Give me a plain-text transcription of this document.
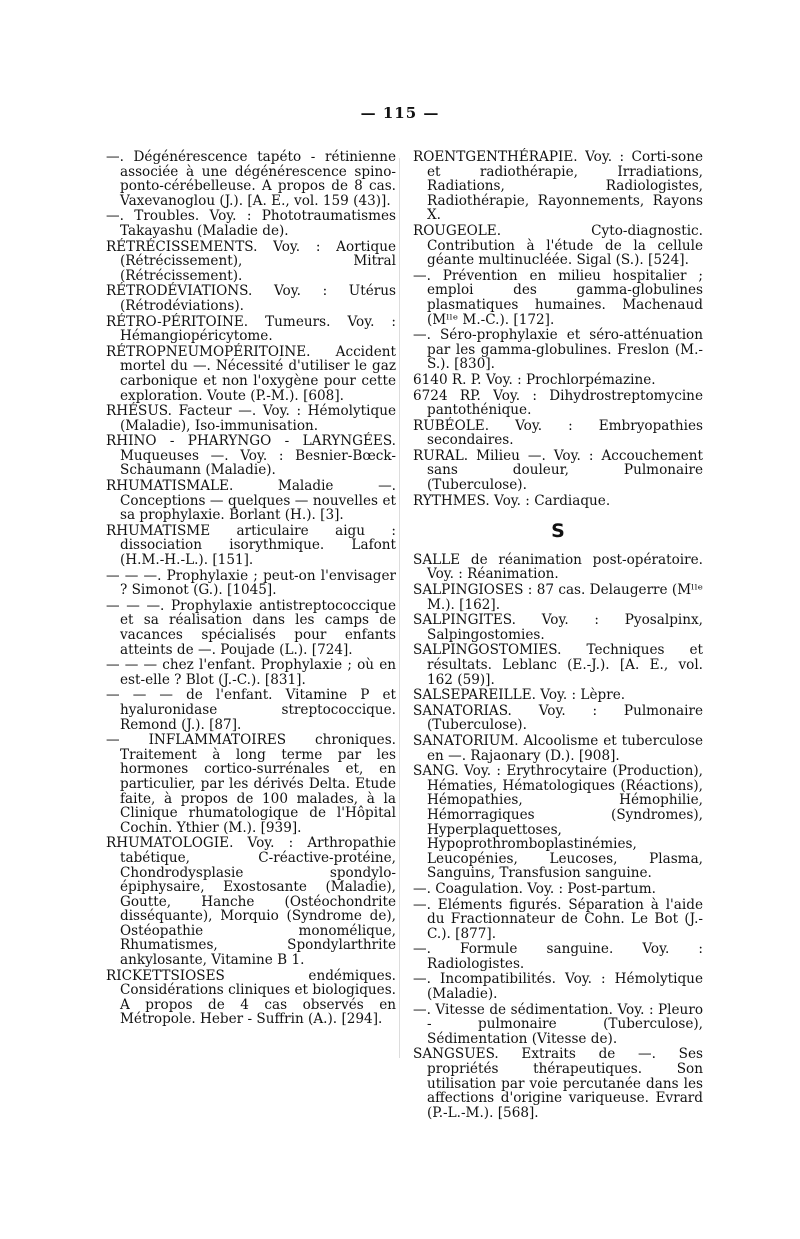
— 115 —

—. Dégénérescence tapéto - rétinienne associée à une dégénérescence spino-ponto-cérébelleuse. A propos de 8 cas. Vaxevanoglou (J.). [A. E., vol. 159 (43)].

—. Troubles. Voy. : Phototraumatismes Takayashu (Maladie de).

RÉTRÉCISSEMENTS. Voy. : Aortique (Rétrécissement), Mitral (Rétrécissement).

RÉTRODÉVIATIONS. Voy. : Utérus (Rétrodéviations).

RÉTRO-PÉRITOINE. Tumeurs. Voy. : Hémangiopéricytome.

RÉTROPNEUMOPÉRITOINE. Accident mortel du —. Nécessité d'utiliser le gaz carbonique et non l'oxygène pour cette exploration. Voute (P.-M.). [608].

RHÉSUS. Facteur —. Voy. : Hémolytique (Maladie), Iso-immunisation.

RHINO - PHARYNGO - LARYNGÉES. Muqueuses —. Voy. : Besnier-Bœck-Schaumann (Maladie).

RHUMATISMALE. Maladie —. Conceptions — quelques — nouvelles et sa prophylaxie. Borlant (H.). [3].

RHUMATISME articulaire aigu : dissociation isorythmique. Lafont (H.M.-H.-L.). [151].

— — —. Prophylaxie ; peut-on l'envisager ? Simonot (G.). [1045].

— — —. Prophylaxie antistreptococcique et sa réalisation dans les camps de vacances spécialisés pour enfants atteints de —. Poujade (L.). [724].

— — — chez l'enfant. Prophylaxie ; où en est-elle ? Blot (J.-C.). [831].

— — — de l'enfant. Vitamine P et hyaluronidase streptococcique. Remond (J.). [87].

— INFLAMMATOIRES chroniques. Traitement à long terme par les hormones cortico-surrénales et, en particulier, par les dérivés Delta. Etude faite, à propos de 100 malades, à la Clinique rhumatologique de l'Hôpital Cochin. Ythier (M.). [939].

RHUMATOLOGIE. Voy. : Arthropathie tabétique, C-réactive-protéine, Chondrodysplasie spondylo-épiphysaire, Exostosante (Maladie), Goutte, Hanche (Ostéochondrite disséquante), Morquio (Syndrome de), Ostéopathie monomélique, Rhumatismes, Spondylarthrite ankylosante, Vitamine B 1.

RICKETTSIOSES endémiques. Considérations cliniques et biologiques. A propos de 4 cas observés en Métropole. Heber - Suffrin (A.). [294].

ROENTGENTHÉRAPIE. Voy. : Corti-sone et radiothérapie, Irradiations, Radiations, Radiologistes, Radiothérapie, Rayonnements, Rayons X.

ROUGEOLE. Cyto-diagnostic. Contribution à l'étude de la cellule géante multinucléée. Sigal (S.). [524].

—. Prévention en milieu hospitalier ; emploi des gamma-globulines plasmatiques humaines. Machenaud (Mˡˡᵉ M.-C.). [172].

—. Séro-prophylaxie et séro-atténuation par les gamma-globulines. Freslon (M.-S.). [830].

6140 R. P. Voy. : Prochlorpémazine.

6724 RP. Voy. : Dihydrostreptomycine pantothénique.

RUBÉOLE. Voy. : Embryopathies secondaires.

RURAL. Milieu —. Voy. : Accouchement sans douleur, Pulmonaire (Tuberculose).

RYTHMES. Voy. : Cardiaque.

S

SALLE de réanimation post-opératoire. Voy. : Réanimation.

SALPINGIOSES : 87 cas. Delaugerre (Mˡˡᵉ M.). [162].

SALPINGITES. Voy. : Pyosalpinx, Salpingostomies.

SALPINGOSTOMIES. Techniques et résultats. Leblanc (E.-J.). [A. E., vol. 162 (59)].

SALSEPAREILLE. Voy. : Lèpre.

SANATORIAS. Voy. : Pulmonaire (Tuberculose).

SANATORIUM. Alcoolisme et tuberculose en —. Rajaonary (D.). [908].

SANG. Voy. : Erythrocytaire (Production), Hématies, Hématologiques (Réactions), Hémopathies, Hémophilie, Hémorragiques (Syndromes), Hyperplaquettoses, Hypoprothromboplastinémies, Leucopénies, Leucoses, Plasma, Sanguins, Transfusion sanguine.

—. Coagulation. Voy. : Post-partum.

—. Eléments figurés. Séparation à l'aide du Fractionnateur de Cohn. Le Bot (J.-C.). [877].

—. Formule sanguine. Voy. : Radiologistes.

—. Incompatibilités. Voy. : Hémolytique (Maladie).

—. Vitesse de sédimentation. Voy. : Pleuro - pulmonaire (Tuberculose), Sédimentation (Vitesse de).

SANGSUES. Extraits de —. Ses propriétés thérapeutiques. Son utilisation par voie percutanée dans les affections d'origine variqueuse. Evrard (P.-L.-M.). [568].
